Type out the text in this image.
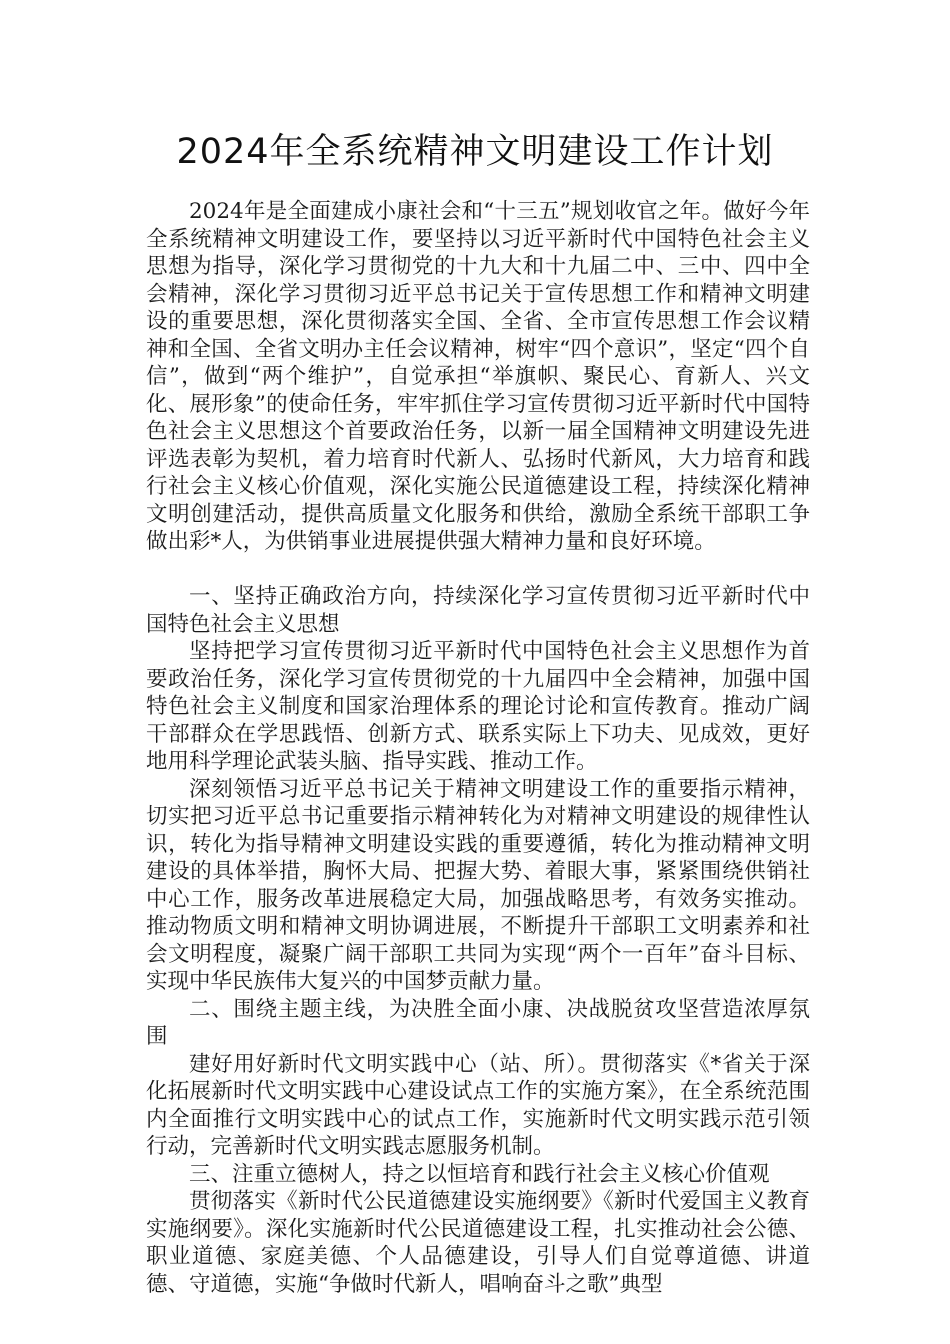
2024年全系统精神文明建设工作计划

2024年是全面建成小康社会和“十三五”规划收官之年。做好今年全系统精神文明建设工作，要坚持以习近平新时代中国特色社会主义思想为指导，深化学习贯彻党的十九大和十九届二中、三中、四中全会精神，深化学习贯彻习近平总书记关于宣传思想工作和精神文明建设的重要思想，深化贯彻落实全国、全省、全市宣传思想工作会议精神和全国、全省文明办主任会议精神，树牢“四个意识”，坚定“四个自信”，做到“两个维护”，自觉承担“举旗帜、聚民心、育新人、兴文化、展形象”的使命任务，牢牢抓住学习宣传贯彻习近平新时代中国特色社会主义思想这个首要政治任务，以新一届全国精神文明建设先进评选表彰为契机，着力培育时代新人、弘扬时代新风，大力培育和践行社会主义核心价值观，深化实施公民道德建设工程，持续深化精神文明创建活动，提供高质量文化服务和供给，激励全系统干部职工争做出彩*人，为供销事业进展提供强大精神力量和良好环境。

一、坚持正确政治方向，持续深化学习宣传贯彻习近平新时代中国特色社会主义思想

坚持把学习宣传贯彻习近平新时代中国特色社会主义思想作为首要政治任务，深化学习宣传贯彻党的十九届四中全会精神，加强中国特色社会主义制度和国家治理体系的理论讨论和宣传教育。推动广阔干部群众在学思践悟、创新方式、联系实际上下功夫、见成效，更好地用科学理论武装头脑、指导实践、推动工作。

深刻领悟习近平总书记关于精神文明建设工作的重要指示精神，切实把习近平总书记重要指示精神转化为对精神文明建设的规律性认识，转化为指导精神文明建设实践的重要遵循，转化为推动精神文明建设的具体举措，胸怀大局、把握大势、着眼大事，紧紧围绕供销社中心工作，服务改革进展稳定大局，加强战略思考，有效务实推动。推动物质文明和精神文明协调进展，不断提升干部职工文明素养和社会文明程度，凝聚广阔干部职工共同为实现“两个一百年”奋斗目标、实现中华民族伟大复兴的中国梦贡献力量。

二、围绕主题主线，为决胜全面小康、决战脱贫攻坚营造浓厚氛围

建好用好新时代文明实践中心（站、所）。贯彻落实《*省关于深化拓展新时代文明实践中心建设试点工作的实施方案》，在全系统范围内全面推行文明实践中心的试点工作，实施新时代文明实践示范引领行动，完善新时代文明实践志愿服务机制。

三、注重立德树人，持之以恒培育和践行社会主义核心价值观

贯彻落实《新时代公民道德建设实施纲要》《新时代爱国主义教育实施纲要》。深化实施新时代公民道德建设工程，扎实推动社会公德、职业道德、家庭美德、个人品德建设，引导人们自觉尊道德、讲道德、守道德，实施“争做时代新人，唱响奋斗之歌”典型
